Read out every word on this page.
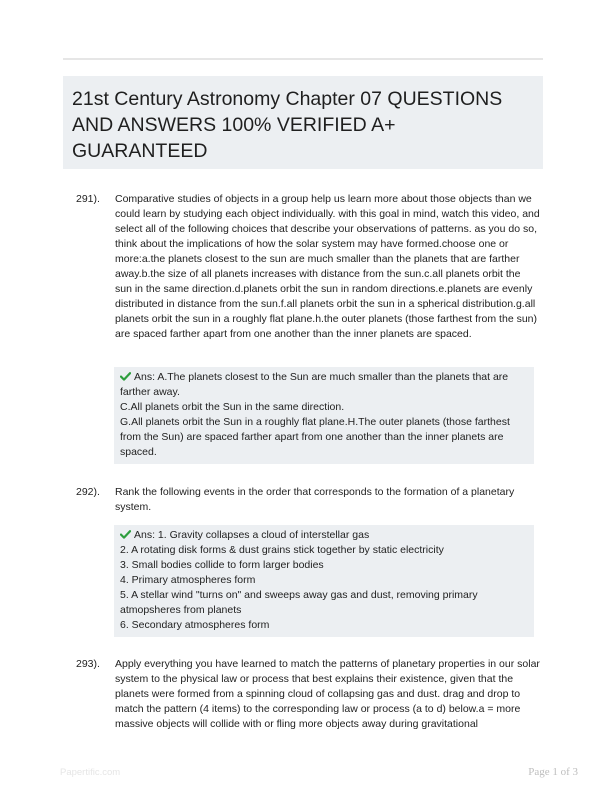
21st Century Astronomy Chapter 07 QUESTIONS AND ANSWERS 100% VERIFIED A+ GUARANTEED
291). Comparative studies of objects in a group help us learn more about those objects than we could learn by studying each object individually. with this goal in mind, watch this video, and select all of the following choices that describe your observations of patterns. as you do so, think about the implications of how the solar system may have formed.choose one or more:a.the planets closest to the sun are much smaller than the planets that are farther away.b.the size of all planets increases with distance from the sun.c.all planets orbit the sun in the same direction.d.planets orbit the sun in random directions.e.planets are evenly distributed in distance from the sun.f.all planets orbit the sun in a spherical distribution.g.all planets orbit the sun in a roughly flat plane.h.the outer planets (those farthest from the sun) are spaced farther apart from one another than the inner planets are spaced.

Ans: A.The planets closest to the Sun are much smaller than the planets that are farther away.
C.All planets orbit the Sun in the same direction.
G.All planets orbit the Sun in a roughly flat plane.H.The outer planets (those farthest from the Sun) are spaced farther apart from one another than the inner planets are spaced.
292). Rank the following events in the order that corresponds to the formation of a planetary system.

Ans: 1. Gravity collapses a cloud of interstellar gas
2. A rotating disk forms & dust grains stick together by static electricity
3. Small bodies collide to form larger bodies
4. Primary atmospheres form
5. A stellar wind "turns on" and sweeps away gas and dust, removing primary atmopsheres from planets
6. Secondary atmospheres form
293). Apply everything you have learned to match the patterns of planetary properties in our solar system to the physical law or process that best explains their existence, given that the planets were formed from a spinning cloud of collapsing gas and dust. drag and drop to match the pattern (4 items) to the corresponding law or process (a to d) below.a = more massive objects will collide with or fling more objects away during gravitational

Papertific.com	Page 1 of 3
